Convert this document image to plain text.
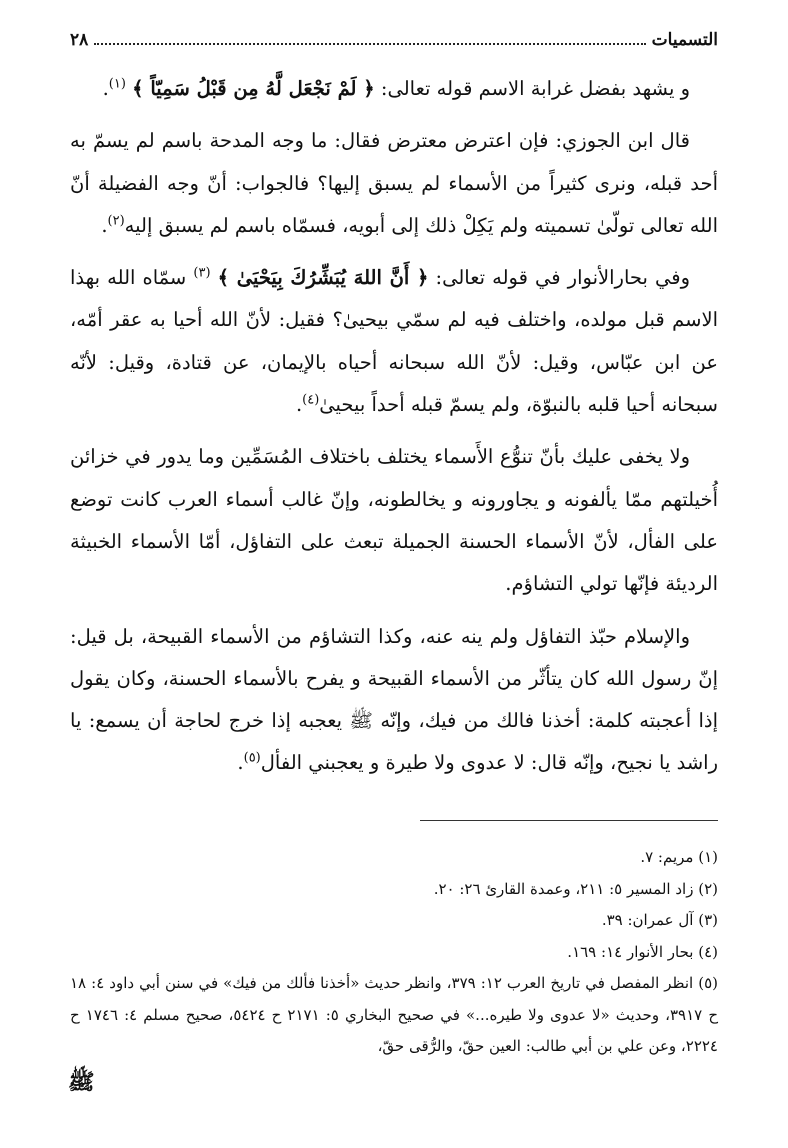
٢٨	التسميات

و يشهد بفضل غرابة الاسم قوله تعالى: ﴿ لَمْ نَجْعَل لَّهُ مِن قَبْلُ سَمِيّاً ﴾ $^{(١)}$.

قال ابن الجوزي: فإن اعترض معترض فقال: ما وجه المدحة باسم لم يسمّ به أحد قبله، ونرى كثيراً من الأسماء لم يسبق إليها؟ فالجواب: أنّ وجه الفضيلة أنّ الله تعالى تولّىٰ تسميته ولم يَكِلْ ذلك إلى أبويه، فسمّاه باسم لم يسبق إليه$^{(٢)}$.

وفي بحارالأنوار في قوله تعالى: ﴿ أَنَّ اللهَ يُبَشِّرُكَ بِيَحْيَىٰ ﴾ $^{(٣)}$ سمّاه الله بهذا الاسم قبل مولده، واختلف فيه لم سمّي بيحيىٰ؟ فقيل: لأنّ الله أحيا به عقر أمّه، عن ابن عبّاس، وقيل: لأنّ الله سبحانه أحياه بالإيمان، عن قتادة، وقيل: لأنّه سبحانه أحيا قلبه بالنبوّة، ولم يسمّ قبله أحداً بيحيىٰ$^{(٤)}$.

ولا يخفى عليك بأنّ تنوُّع الأَسماء يختلف باختلاف المُسَمِّين وما يدور في خزائن أُخيلتهم ممّا يألفونه و يجاورونه و يخالطونه، وإنّ غالب أسماء العرب كانت توضع على الفأل، لأنّ الأسماء الحسنة الجميلة تبعث على التفاؤل، أمّا الأسماء الخبيثة الرديئة فإنّها تولي التشاؤم.

والإسلام حبّذ التفاؤل ولم ينه عنه، وكذا التشاؤم من الأسماء القبيحة، بل قيل: إنّ رسول الله كان يتأثّر من الأسماء القبيحة و يفرح بالأسماء الحسنة، وكان يقول إذا أعجبته كلمة: أخذنا فالك من فيك، وإنّه ﷺ يعجبه إذا خرج لحاجة أن يسمع: يا راشد يا نجيح، وإنّه قال: لا عدوى ولا طيرة و يعجبني الفأل$^{(٥)}$.

(١) مريم: ٧.

(٢) زاد المسير ٥: ٢١١، وعمدة القارئ ٢٦: ٢٠.

(٣) آل عمران: ٣٩.

(٤) بحار الأنوار ١٤: ١٦٩.

(٥) انظر المفصل في تاريخ العرب ١٢: ٣٧٩، وانظر حديث «أخذنا فألك من فيك» في سنن أبي داود ٤: ١٨ ح ٣٩١٧، وحديث «لا عدوى ولا طيره...» في صحيح البخاري ٥: ٢١٧١ ح ٥٤٢٤، صحيح مسلم ٤: ١٧٤٦ ح ٢٢٢٤، وعن علي بن أبي طالب: العين حقّ، والرُّقى حقّ،

ﷺ
